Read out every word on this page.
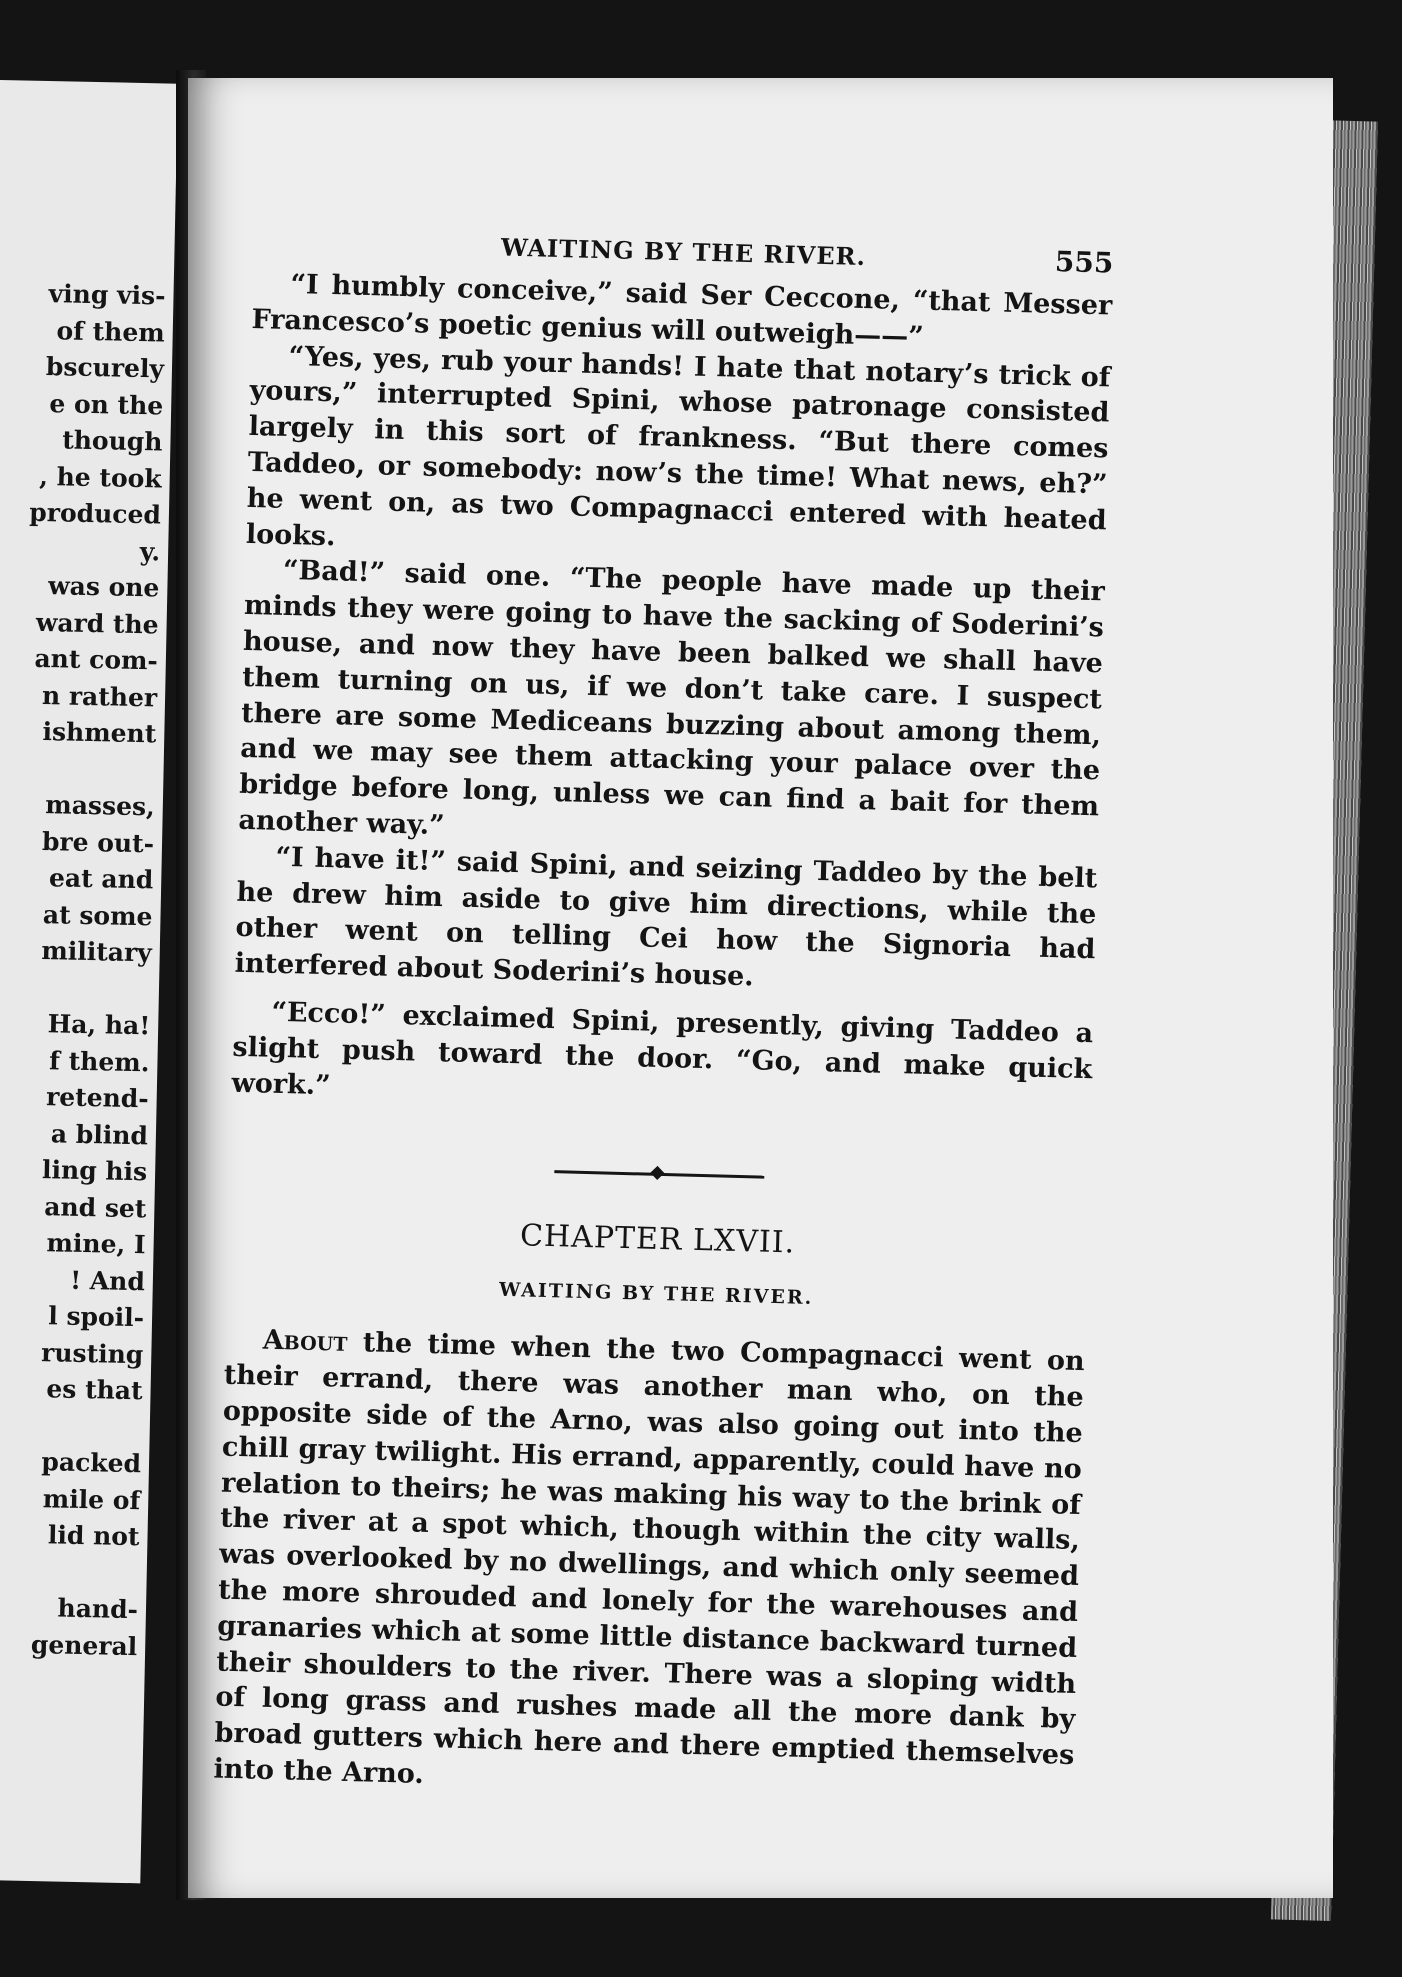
ving vis-
of them
bscurely
e on the
though
, he took
produced
y.
was one
ward the
ant com-
n rather
ishment
masses,
bre out-
eat and
at some
military
Ha, ha!
f them.
retend-
a blind
ling his
and set
mine, I
! And
l spoil-
rusting
es that
packed
mile of
lid not
hand-
general
WAITING BY THE RIVER.	555

“I humbly conceive,” said Ser Ceccone, “that Messer Francesco’s poetic genius will outweigh——”

“Yes, yes, rub your hands! I hate that notary’s trick of yours,” interrupted Spini, whose patronage consisted largely in this sort of frankness. “But there comes Taddeo, or somebody: now’s the time! What news, eh?” he went on, as two Compagnacci entered with heated looks.

“Bad!” said one. “The people have made up their minds they were going to have the sacking of Soderini’s house, and now they have been balked we shall have them turning on us, if we don’t take care. I suspect there are some Mediceans buzzing about among them, and we may see them attacking your palace over the bridge before long, unless we can find a bait for them another way.”

“I have it!” said Spini, and seizing Taddeo by the belt he drew him aside to give him directions, while the other went on telling Cei how the Signoria had interfered about Soderini’s house.

“Ecco!” exclaimed Spini, presently, giving Taddeo a slight push toward the door. “Go, and make quick work.”

CHAPTER LXVII.
WAITING BY THE RIVER.

About the time when the two Compagnacci went on their errand, there was another man who, on the opposite side of the Arno, was also going out into the chill gray twilight. His errand, apparently, could have no relation to theirs; he was making his way to the brink of the river at a spot which, though within the city walls, was overlooked by no dwellings, and which only seemed the more shrouded and lonely for the warehouses and granaries which at some little distance backward turned their shoulders to the river. There was a sloping width of long grass and rushes made all the more dank by broad gutters which here and there emptied themselves into the Arno.
